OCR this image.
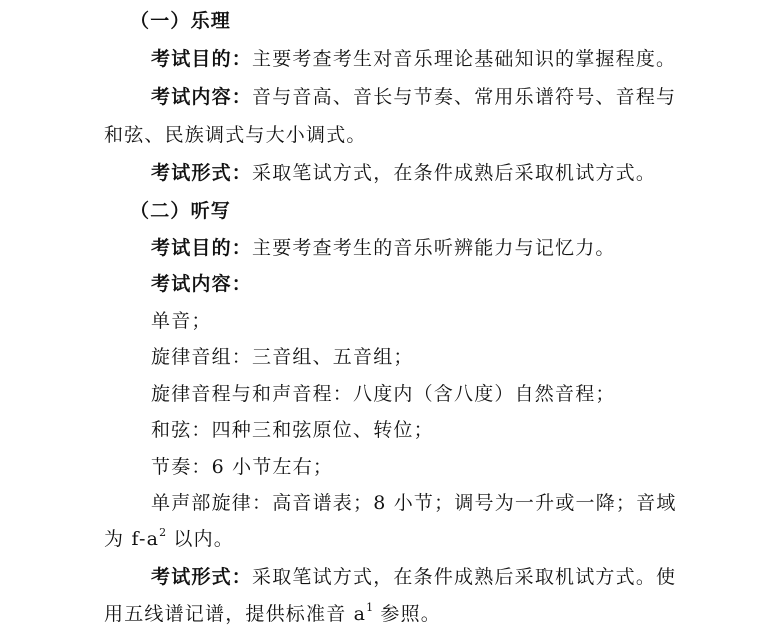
（一）乐理
考试目的：主要考查考生对音乐理论基础知识的掌握程度。
考试内容：音与音高、音长与节奏、常用乐谱符号、音程与
和弦、民族调式与大小调式。
考试形式：采取笔试方式，在条件成熟后采取机试方式。
（二）听写
考试目的：主要考查考生的音乐听辨能力与记忆力。
考试内容：
单音；
旋律音组：三音组、五音组；
旋律音程与和声音程：八度内（含八度）自然音程；
和弦：四种三和弦原位、转位；
节奏：6 小节左右；
单声部旋律：高音谱表；8 小节；调号为一升或一降；音域
为 $f-a^2$ 以内。
考试形式：采取笔试方式，在条件成熟后采取机试方式。使
用五线谱记谱，提供标准音 $a^1$ 参照。
